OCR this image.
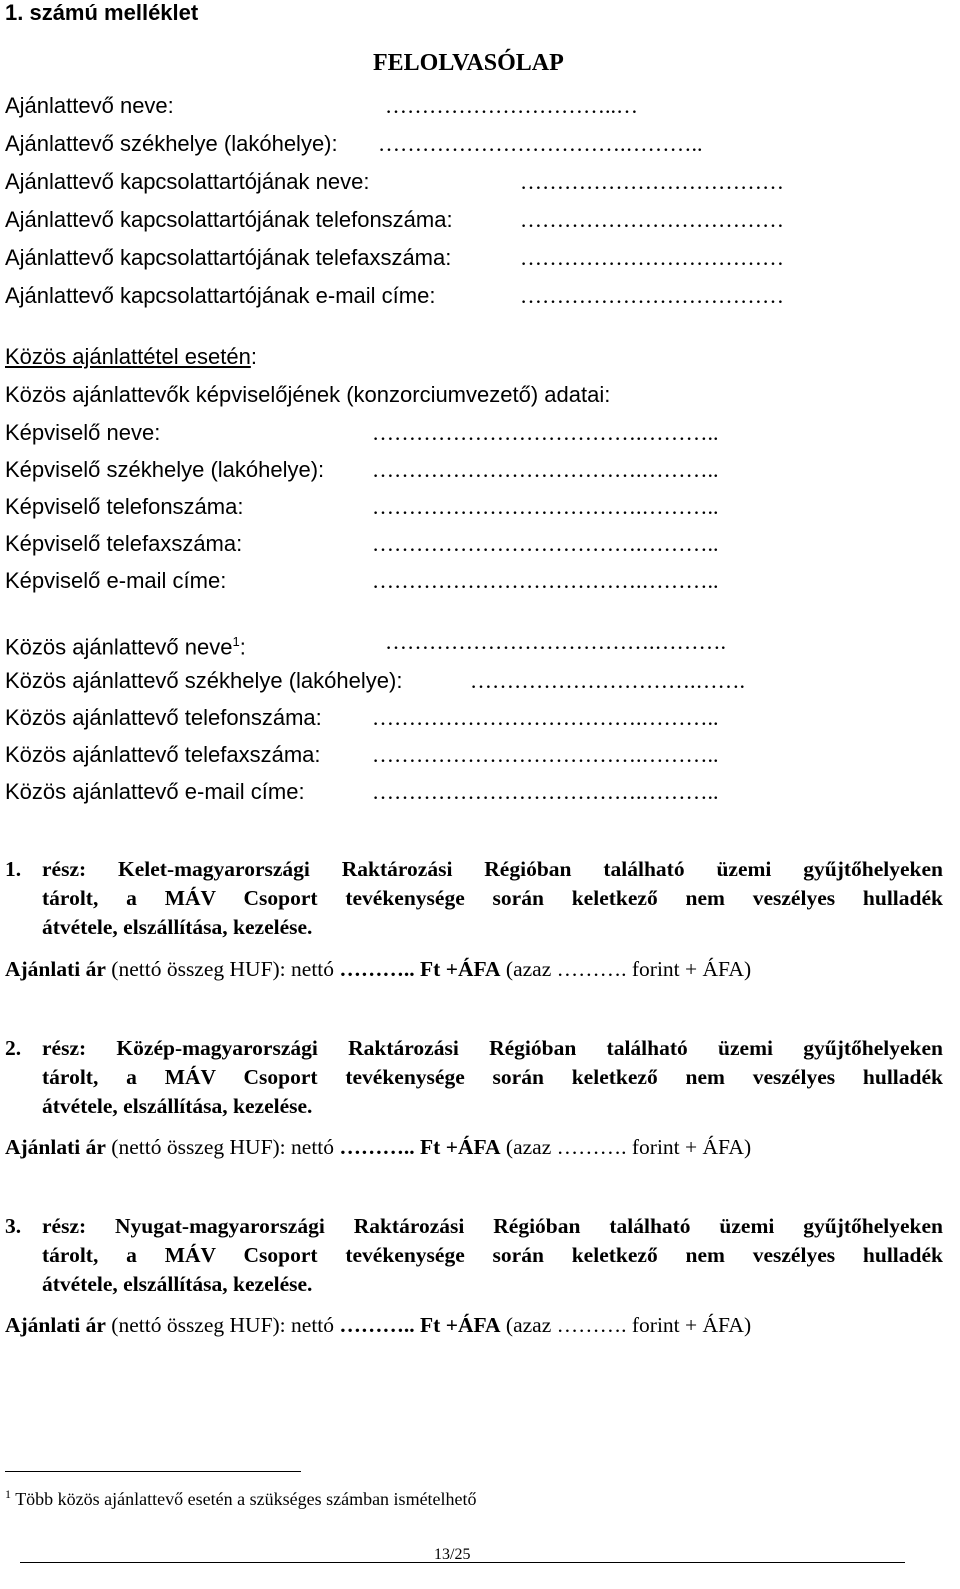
1. számú melléklet
FELOLVASÓLAP
Ajánlattevő neve:	…………………………..…
Ajánlattevő székhelye (lakóhelye): …………………………….………..
Ajánlattevő kapcsolattartójának neve:	………………………………
Ajánlattevő kapcsolattartójának telefonszáma:	………………………………
Ajánlattevő kapcsolattartójának telefaxszáma:	………………………………
Ajánlattevő kapcsolattartójának e-mail címe:	………………………………
Közös ajánlattétel esetén:
Közös ajánlattevők képviselőjének (konzorciumvezető) adatai:
Képviselő neve:	……………………………….………..
Képviselő székhelye (lakóhelye): ……………………………….………..
Képviselő telefonszáma:	……………………………….………..
Képviselő telefaxszáma:	……………………………….………..
Képviselő e-mail címe:	……………………………….………..
Közös ajánlattevő neve$^1$:	……………………………….……….
Közös ajánlattevő székhelye (lakóhelye):	………………………….…….
Közös ajánlattevő telefonszáma: ……………………………….………..
Közös ajánlattevő telefaxszáma: ……………………………….………..
Közös ajánlattevő e-mail címe:	……………………………….………..
1. rész: Kelet-magyarországi Raktározási Régióban található üzemi gyűjtőhelyeken
tárolt, a MÁV Csoport tevékenysége során keletkező nem veszélyes hulladék
átvétele, elszállítása, kezelése.
Ajánlati ár (nettó összeg HUF): nettó ……….. Ft +ÁFA (azaz ………. forint + ÁFA)
2. rész: Közép-magyarországi Raktározási Régióban található üzemi gyűjtőhelyeken
tárolt, a MÁV Csoport tevékenysége során keletkező nem veszélyes hulladék
átvétele, elszállítása, kezelése.
Ajánlati ár (nettó összeg HUF): nettó ……….. Ft +ÁFA (azaz ………. forint + ÁFA)
3. rész: Nyugat-magyarországi Raktározási Régióban található üzemi gyűjtőhelyeken
tárolt, a MÁV Csoport tevékenysége során keletkező nem veszélyes hulladék
átvétele, elszállítása, kezelése.
Ajánlati ár (nettó összeg HUF): nettó ……….. Ft +ÁFA (azaz ………. forint + ÁFA)
$^1$ Több közös ajánlattevő esetén a szükséges számban ismételhető
13/25
